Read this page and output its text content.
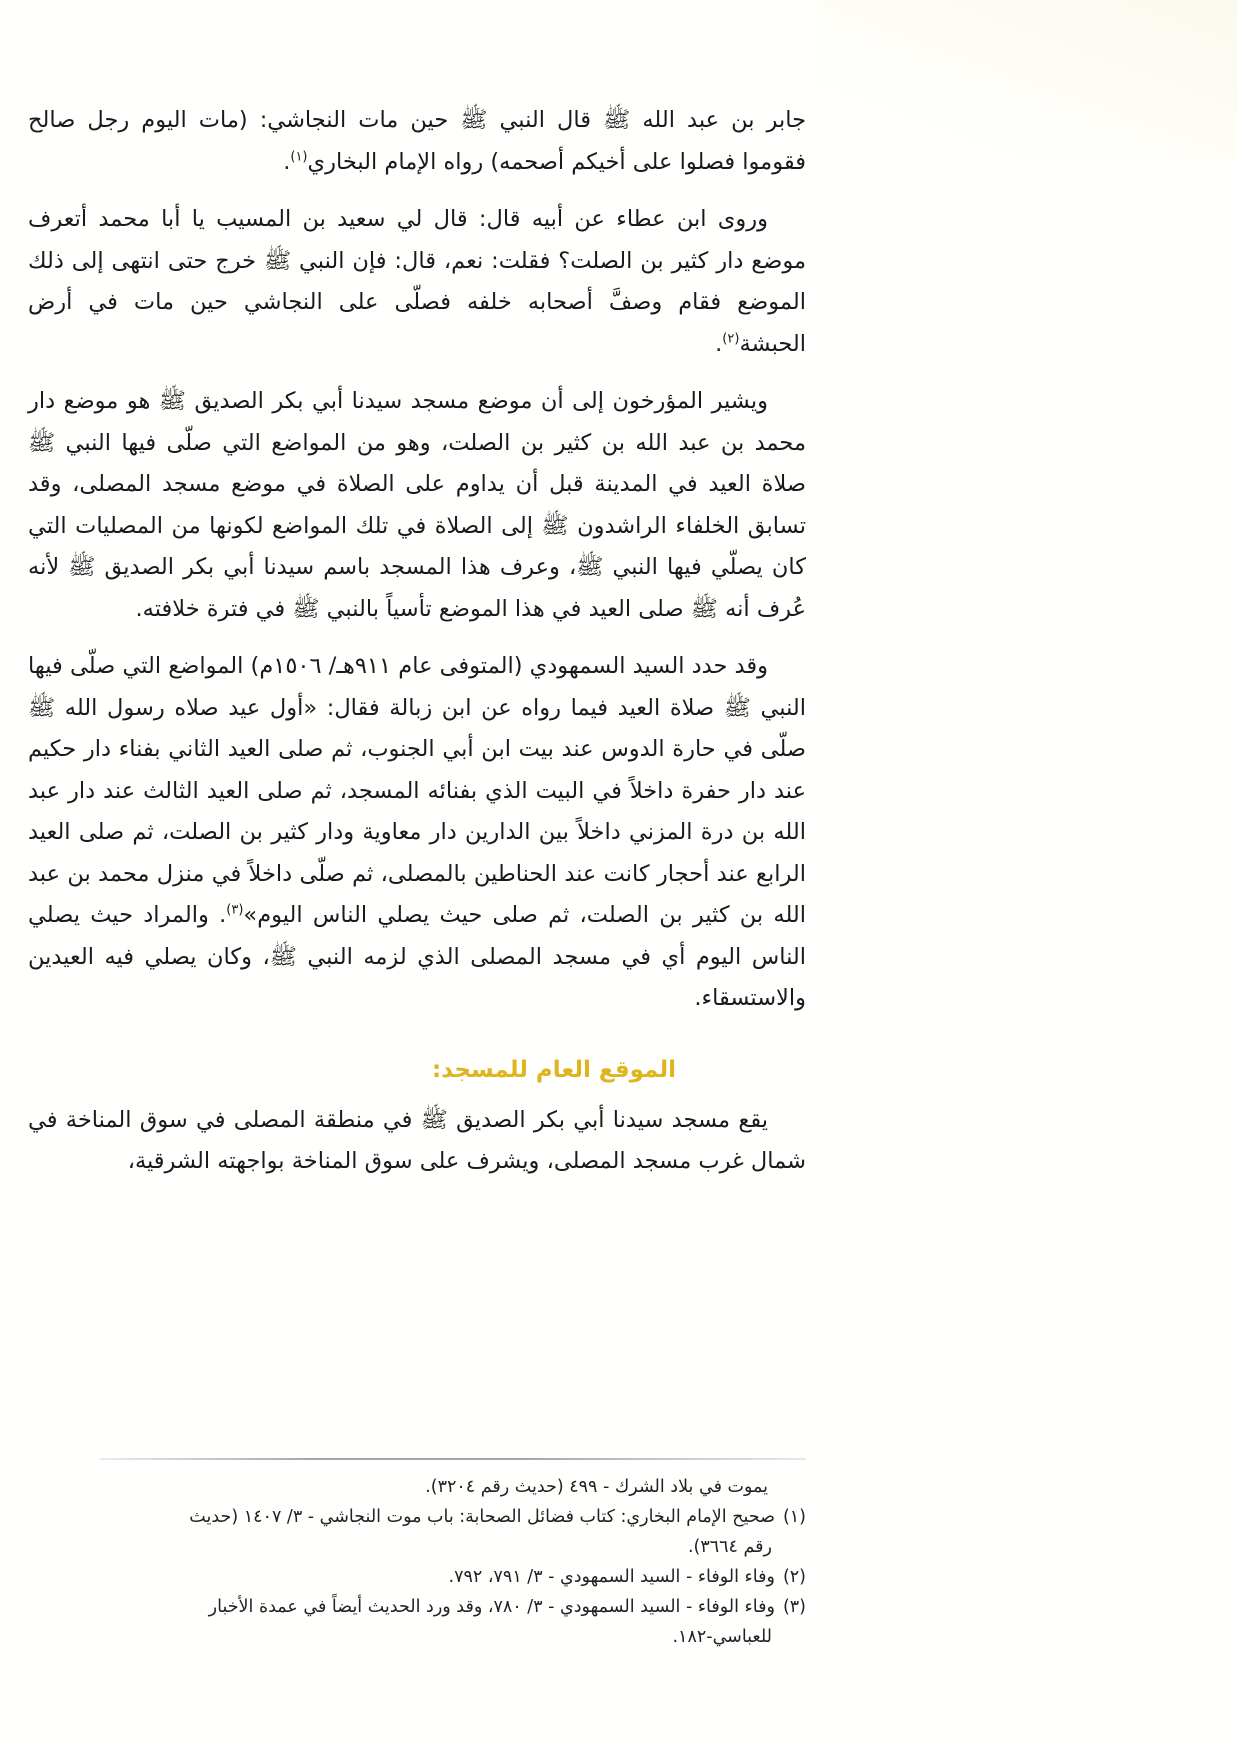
جابر بن عبد الله ﷺ قال النبي ﷺ حين مات النجاشي: (مات اليوم رجل صالح فقوموا فصلوا على أخيكم أصحمه) رواه الإمام البخاري$^{(١)}$.

وروى ابن عطاء عن أبيه قال: قال لي سعيد بن المسيب يا أبا محمد أتعرف موضع دار كثير بن الصلت؟ فقلت: نعم، قال: فإن النبي ﷺ خرج حتى انتهى إلى ذلك الموضع فقام وصفَّ أصحابه خلفه فصلّى على النجاشي حين مات في أرض الحبشة$^{(٢)}$.

ويشير المؤرخون إلى أن موضع مسجد سيدنا أبي بكر الصديق ﷺ هو موضع دار محمد بن عبد الله بن كثير بن الصلت، وهو من المواضع التي صلّى فيها النبي ﷺ صلاة العيد في المدينة قبل أن يداوم على الصلاة في موضع مسجد المصلى، وقد تسابق الخلفاء الراشدون ﷺ إلى الصلاة في تلك المواضع لكونها من المصليات التي كان يصلّي فيها النبي ﷺ، وعرف هذا المسجد باسم سيدنا أبي بكر الصديق ﷺ لأنه عُرف أنه ﷺ صلى العيد في هذا الموضع تأسياً بالنبي ﷺ في فترة خلافته.

وقد حدد السيد السمهودي (المتوفى عام ٩١١هـ/ ١٥٠٦م) المواضع التي صلّى فيها النبي ﷺ صلاة العيد فيما رواه عن ابن زبالة فقال: «أول عيد صلاه رسول الله ﷺ صلّى في حارة الدوس عند بيت ابن أبي الجنوب، ثم صلى العيد الثاني بفناء دار حكيم عند دار حفرة داخلاً في البيت الذي بفنائه المسجد، ثم صلى العيد الثالث عند دار عبد الله بن درة المزني داخلاً بين الدارين دار معاوية ودار كثير بن الصلت، ثم صلى العيد الرابع عند أحجار كانت عند الحناطين بالمصلى، ثم صلّى داخلاً في منزل محمد بن عبد الله بن كثير بن الصلت، ثم صلى حيث يصلي الناس اليوم»$^{(٣)}$. والمراد حيث يصلي الناس اليوم أي في مسجد المصلى الذي لزمه النبي ﷺ، وكان يصلي فيه العيدين والاستسقاء.

الموقع العام للمسجد:

يقع مسجد سيدنا أبي بكر الصديق ﷺ في منطقة المصلى في سوق المناخة في شمال غرب مسجد المصلى، ويشرف على سوق المناخة بواجهته الشرقية،

يموت في بلاد الشرك - ٤٩٩ (حديث رقم ٣٢٠٤).

(١)صحيح الإمام البخاري: كتاب فضائل الصحابة: باب موت النجاشي - ٣/ ١٤٠٧ (حديث
رقم ٣٦٦٤).

(٢)وفاء الوفاء - السيد السمهودي - ٣/ ٧٩١، ٧٩٢.

(٣)وفاء الوفاء - السيد السمهودي - ٣/ ٧٨٠، وقد ورد الحديث أيضاً في عمدة الأخبار
للعباسي-١٨٢.
